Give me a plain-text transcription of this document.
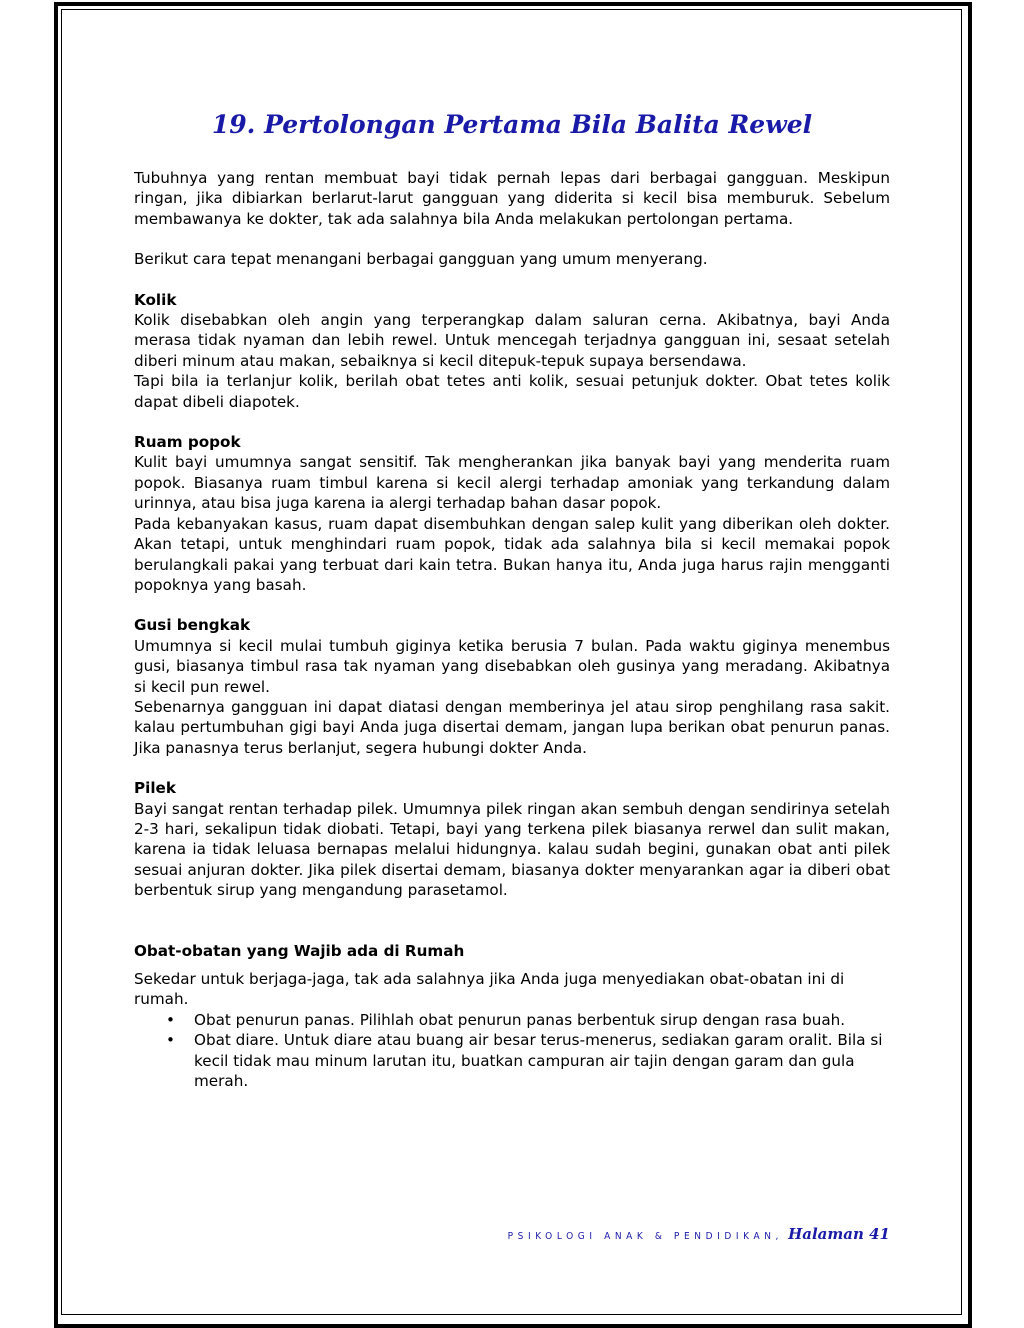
19. Pertolongan Pertama Bila Balita Rewel

Tubuhnya yang rentan membuat bayi tidak pernah lepas dari berbagai gangguan. Meskipun ringan, jika dibiarkan berlarut-larut gangguan yang diderita si kecil bisa memburuk. Sebelum membawanya ke dokter, tak ada salahnya bila Anda melakukan pertolongan pertama.

Berikut cara tepat menangani berbagai gangguan yang umum menyerang.

Kolik

Kolik disebabkan oleh angin yang terperangkap dalam saluran cerna. Akibatnya, bayi Anda merasa tidak nyaman dan lebih rewel. Untuk mencegah terjadnya gangguan ini, sesaat setelah diberi minum atau makan, sebaiknya si kecil ditepuk-tepuk supaya bersendawa.

Tapi bila ia terlanjur kolik, berilah obat tetes anti kolik, sesuai petunjuk dokter. Obat tetes kolik dapat dibeli diapotek.

Ruam popok

Kulit bayi umumnya sangat sensitif. Tak mengherankan jika banyak bayi yang menderita ruam popok. Biasanya ruam timbul karena si kecil alergi terhadap amoniak yang terkandung dalam urinnya, atau bisa juga karena ia alergi terhadap bahan dasar popok.

Pada kebanyakan kasus, ruam dapat disembuhkan dengan salep kulit yang diberikan oleh dokter. Akan tetapi, untuk menghindari ruam popok, tidak ada salahnya bila si kecil memakai popok berulangkali pakai yang terbuat dari kain tetra. Bukan hanya itu, Anda juga harus rajin mengganti popoknya yang basah.

Gusi bengkak

Umumnya si kecil mulai tumbuh giginya ketika berusia 7 bulan. Pada waktu giginya menembus gusi, biasanya timbul rasa tak nyaman yang disebabkan oleh gusinya yang meradang. Akibatnya si kecil pun rewel.

Sebenarnya gangguan ini dapat diatasi dengan memberinya jel atau sirop penghilang rasa sakit. kalau pertumbuhan gigi bayi Anda juga disertai demam, jangan lupa berikan obat penurun panas. Jika panasnya terus berlanjut, segera hubungi dokter Anda.

Pilek

Bayi sangat rentan terhadap pilek. Umumnya pilek ringan akan sembuh dengan sendirinya setelah 2-3 hari, sekalipun tidak diobati. Tetapi, bayi yang terkena pilek biasanya rerwel dan sulit makan, karena ia tidak leluasa bernapas melalui hidungnya. kalau sudah begini, gunakan obat anti pilek sesuai anjuran dokter. Jika pilek disertai demam, biasanya dokter menyarankan agar ia diberi obat berbentuk sirup yang mengandung parasetamol.

Obat-obatan yang Wajib ada di Rumah

Sekedar untuk berjaga-jaga, tak ada salahnya jika Anda juga menyediakan obat-obatan ini di rumah.

• Obat penurun panas. Pilihlah obat penurun panas berbentuk sirup dengan rasa buah.
• Obat diare. Untuk diare atau buang air besar terus-menerus, sediakan garam oralit. Bila si kecil tidak mau minum larutan itu, buatkan campuran air tajin dengan garam dan gula merah.
PSIKOLOGI ANAK & PENDIDIKAN, Halaman 41
